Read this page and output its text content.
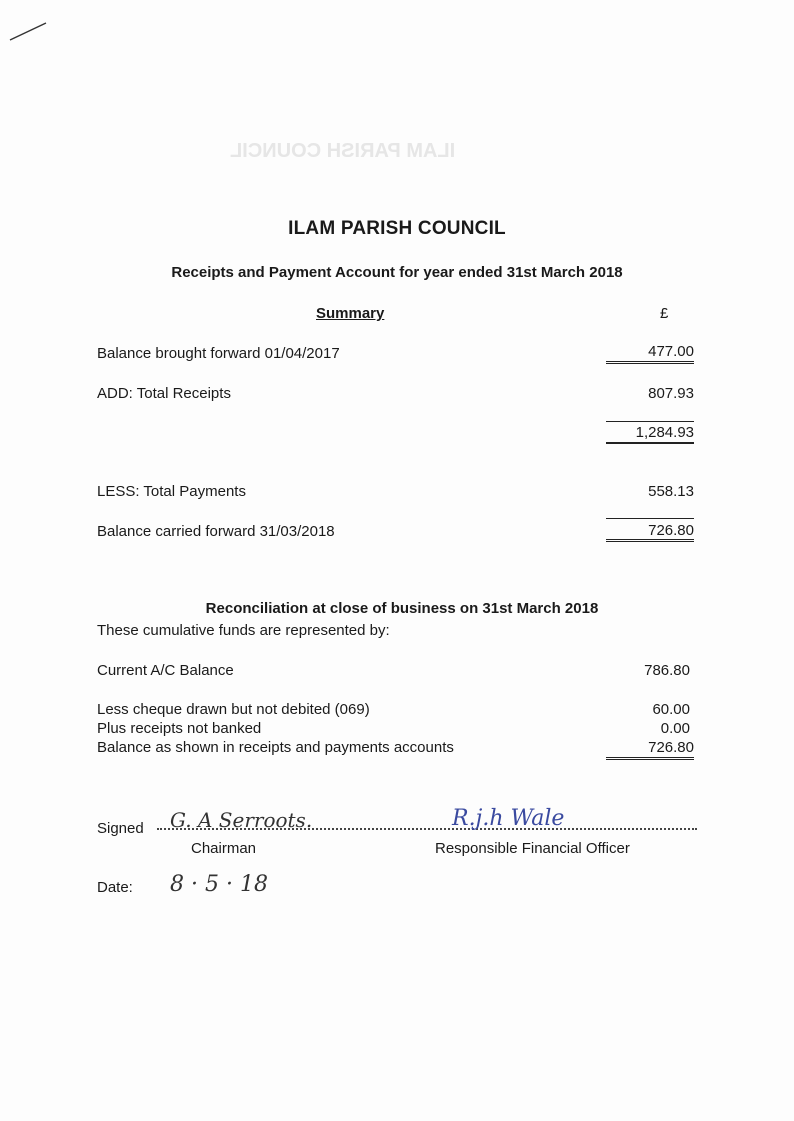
ILAM PARISH COUNCIL
ILAM PARISH COUNCIL
Receipts and Payment Account for year ended 31st March 2018
Summary	£
Balance brought forward 01/04/2017	477.00
ADD: Total Receipts	807.93
1,284.93
LESS: Total Payments	558.13
Balance carried forward 31/03/2018	726.80
Reconciliation at close of business on 31st March 2018
These cumulative funds are represented by:
Current A/C Balance	786.80
Less cheque drawn but not debited (069)	60.00
Plus receipts not banked	0.00
Balance as shown in receipts and payments accounts	726.80
Signed G. A Serroots.	R.j.h Wale
Chairman	Responsible Financial Officer
Date: 8 · 5 · 18
